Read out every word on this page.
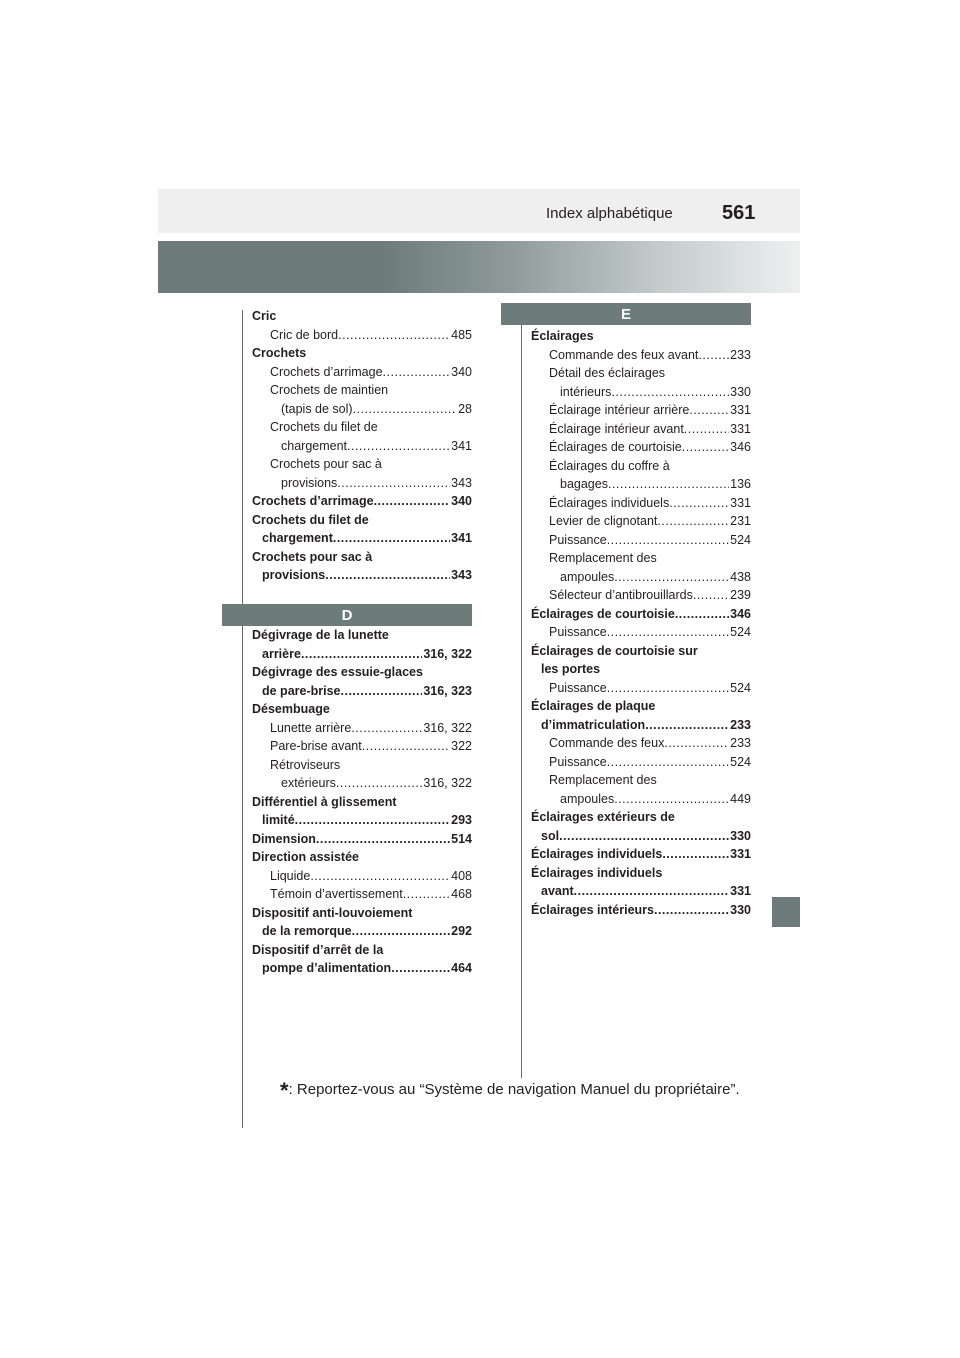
Index alphabétique 561
Cric
Cric de bord .....	485
Crochets
Crochets d’arrimage .....	340
Crochets de maintien
(tapis de sol) .....	28
Crochets du filet de
chargement .....	341
Crochets pour sac à
provisions .....	343
Crochets d’arrimage .....	340
Crochets du filet de
chargement .....	341
Crochets pour sac à
provisions .....	343
D
Dégivrage de la lunette
arrière .....	316, 322
Dégivrage des essuie-glaces
de pare-brise .....	316, 323
Désembuage
Lunette arrière .....	316, 322
Pare-brise avant .....	322
Rétroviseurs
extérieurs .....	316, 322
Différentiel à glissement
limité .....	293
Dimension .....	514
Direction assistée
Liquide .....	408
Témoin d’avertissement .....	468
Dispositif anti-louvoiement
de la remorque .....	292
Dispositif d’arrêt de la
pompe d’alimentation .....	464
E
Éclairages
Commande des feux avant .....	233
Détail des éclairages
intérieurs .....	330
Éclairage intérieur arrière .....	331
Éclairage intérieur avant .....	331
Éclairages de courtoisie .....	346
Éclairages du coffre à
bagages .....	136
Éclairages individuels .....	331
Levier de clignotant .....	231
Puissance .....	524
Remplacement des
ampoules .....	438
Sélecteur d’antibrouillards .....	239
Éclairages de courtoisie .....	346
Puissance .....	524
Éclairages de courtoisie sur
les portes
Puissance .....	524
Éclairages de plaque
d’immatriculation .....	233
Commande des feux .....	233
Puissance .....	524
Remplacement des
ampoules .....	449
Éclairages extérieurs de
sol .....	330
Éclairages individuels .....	331
Éclairages individuels
avant .....	331
Éclairages intérieurs .....	330
*: Reportez-vous au “Système de navigation Manuel du propriétaire”.
